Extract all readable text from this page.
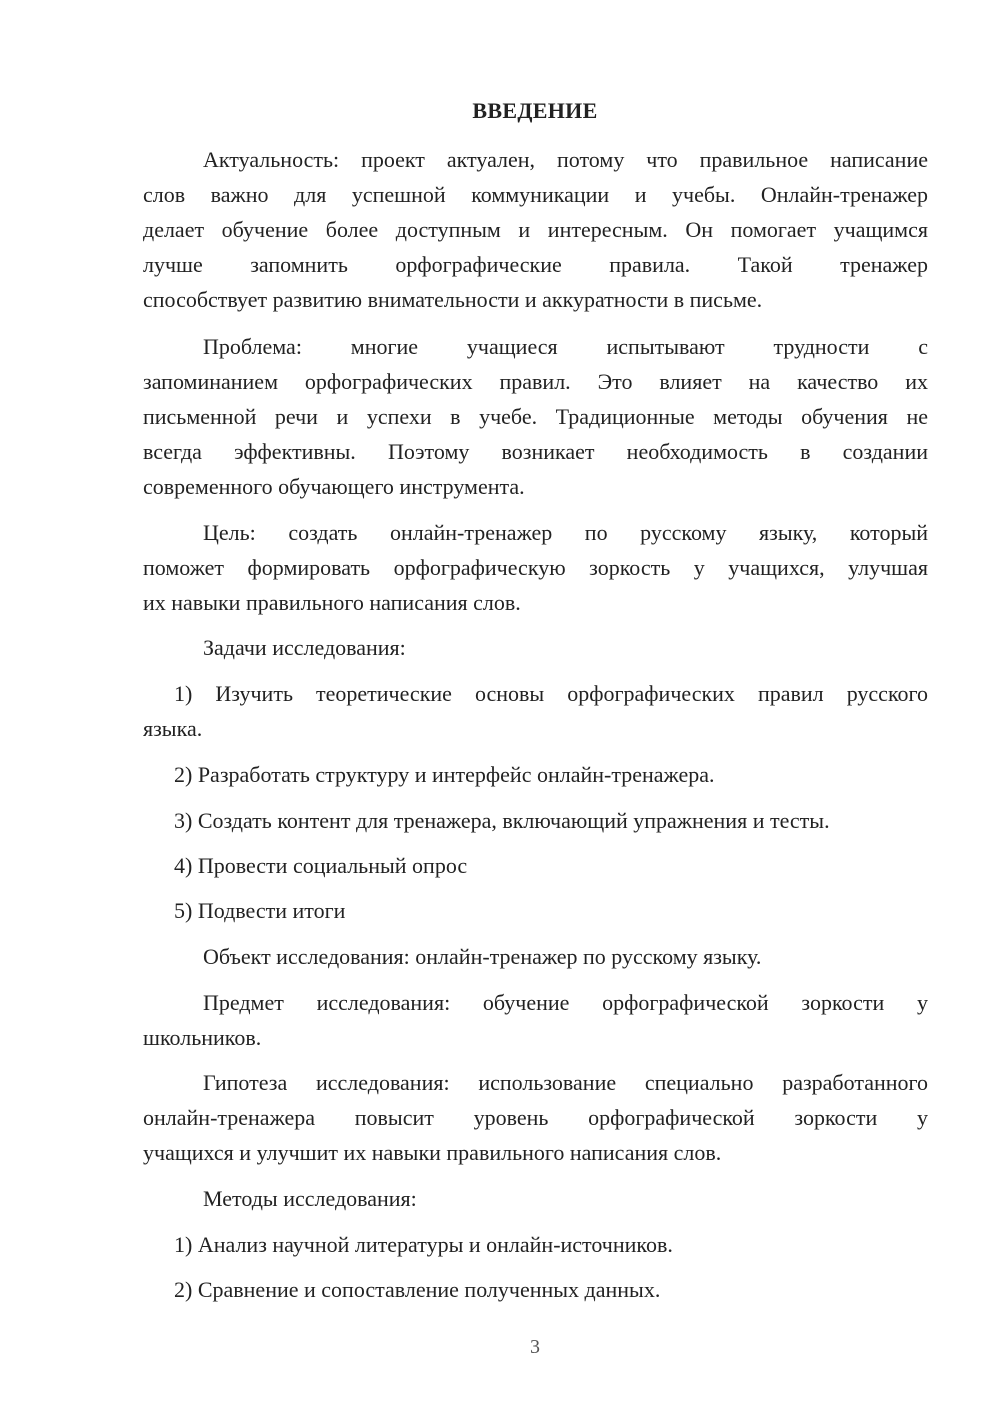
ВВЕДЕНИЕ
Актуальность: проект актуален, потому что правильное написание
слов важно для успешной коммуникации и учебы. Онлайн-тренажер
делает обучение более доступным и интересным. Он помогает учащимся
лучше запомнить орфографические правила. Такой тренажер
способствует развитию внимательности и аккуратности в письме.
Проблема: многие учащиеся испытывают трудности с
запоминанием орфографических правил. Это влияет на качество их
письменной речи и успехи в учебе. Традиционные методы обучения не
всегда эффективны. Поэтому возникает необходимость в создании
современного обучающего инструмента.
Цель: создать онлайн-тренажер по русскому языку, который
поможет формировать орфографическую зоркость у учащихся, улучшая
их навыки правильного написания слов.
Задачи исследования:
1) Изучить теоретические основы орфографических правил русского
языка.
2) Разработать структуру и интерфейс онлайн-тренажера.
3) Создать контент для тренажера, включающий упражнения и тесты.
4) Провести социальный опрос
5) Подвести итоги
Объект исследования: онлайн-тренажер по русскому языку.
Предмет исследования: обучение орфографической зоркости у
школьников.
Гипотеза исследования: использование специально разработанного
онлайн-тренажера повысит уровень орфографической зоркости у
учащихся и улучшит их навыки правильного написания слов.
Методы исследования:
1) Анализ научной литературы и онлайн-источников.
2) Сравнение и сопоставление полученных данных.
3
